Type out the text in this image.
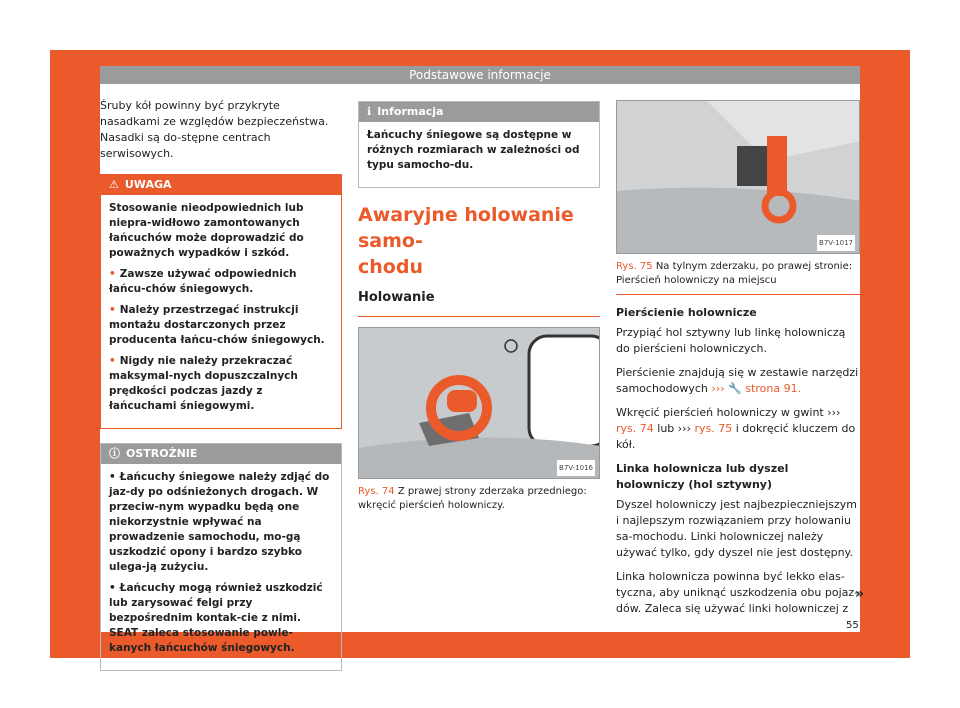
Podstawowe informacje

Śruby kół powinny być przykryte nasadkami ze względów bezpieczeństwa. Nasadki są do-stępne centrach serwisowych.

⚠ UWAGA

Stosowanie nieodpowiednich lub niepra-widłowo zamontowanych łańcuchów może doprowadzić do poważnych wypadków i szkód.

• Zawsze używać odpowiednich łańcu-chów śniegowych.

• Należy przestrzegać instrukcji montażu dostarczonych przez producenta łańcu-chów śniegowych.

• Nigdy nie należy przekraczać maksymal-nych dopuszczalnych prędkości podczas jazdy z łańcuchami śniegowymi.

ⓘ OSTROŻNIE

• Łańcuchy śniegowe należy zdjąć do jaz-dy po odśnieżonych drogach. W przeciw-nym wypadku będą one niekorzystnie wpływać na prowadzenie samochodu, mo-gą uszkodzić opony i bardzo szybko ulega-ją zużyciu.

• Łańcuchy mogą również uszkodzić lub zarysować felgi przy bezpośrednim kontak-cie z nimi. SEAT zaleca stosowanie powle-kanych łańcuchów śniegowych.

ℹ Informacja

Łańcuchy śniegowe są dostępne w różnych rozmiarach w zależności od typu samocho-du.

Awaryjne holowanie samo-
chodu
Holowanie
B7V-1016
Rys. 74 Z prawej strony zderzaka przedniego: wkręcić pierścień holowniczy.
B7V-1017
Rys. 75 Na tylnym zderzaku, po prawej stronie: Pierścień holowniczy na miejscu
Pierścienie holownicze

Przypiąć hol sztywny lub linkę holowniczą do pierścieni holowniczych.

Pierścienie znajdują się w zestawie narzędzi samochodowych ››› 🔧 strona 91.

Wkręcić pierścień holowniczy w gwint ››› rys. 74 lub ››› rys. 75 i dokręcić kluczem do kół.

Linka holownicza lub dyszel holowniczy (hol sztywny)

Dyszel holowniczy jest najbezpieczniejszym i najlepszym rozwiązaniem przy holowaniu sa-mochodu. Linki holowniczej należy używać tylko, gdy dyszel nie jest dostępny.

Linka holownicza powinna być lekko elas-tyczna, aby uniknąć uszkodzenia obu pojaz-dów. Zaleca się używać linki holowniczej z

»
55
